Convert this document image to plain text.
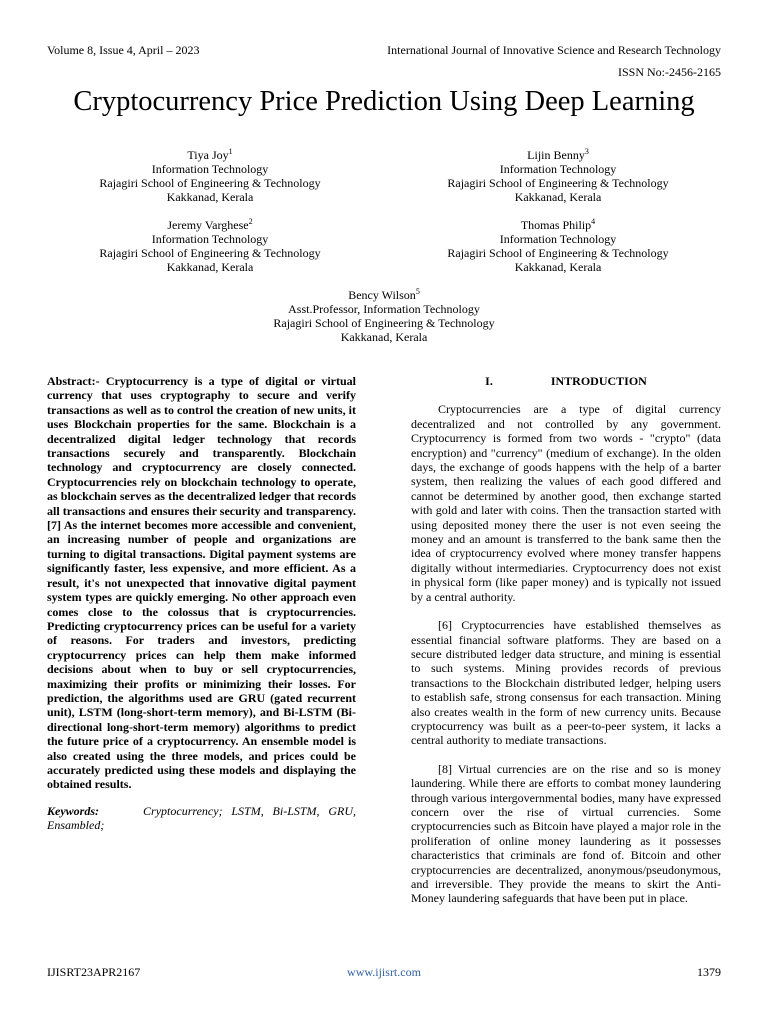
Volume 8, Issue 4, April – 2023	International Journal of Innovative Science and Research Technology
ISSN No:-2456-2165
Cryptocurrency Price Prediction Using Deep Learning
Tiya Joy$^1$
Information Technology
Rajagiri School of Engineering & Technology
Kakkanad, Kerala
Lijin Benny$^3$
Information Technology
Rajagiri School of Engineering & Technology
Kakkanad, Kerala
Jeremy Varghese$^2$
Information Technology
Rajagiri School of Engineering & Technology
Kakkanad, Kerala
Thomas Philip$^4$
Information Technology
Rajagiri School of Engineering & Technology
Kakkanad, Kerala
Bency Wilson$^5$
Asst.Professor, Information Technology
Rajagiri School of Engineering & Technology
Kakkanad, Kerala
Abstract:- Cryptocurrency is a type of digital or virtual currency that uses cryptography to secure and verify transactions as well as to control the creation of new units, it uses Blockchain properties for the same. Blockchain is a decentralized digital ledger technology that records transactions securely and transparently. Blockchain technology and cryptocurrency are closely connected. Cryptocurrencies rely on blockchain technology to operate, as blockchain serves as the decentralized ledger that records all transactions and ensures their security and transparency. [7] As the internet becomes more accessible and convenient, an increasing number of people and organizations are turning to digital transactions. Digital payment systems are significantly faster, less expensive, and more efficient. As a result, it's not unexpected that innovative digital payment system types are quickly emerging. No other approach even comes close to the colossus that is cryptocurrencies. Predicting cryptocurrency prices can be useful for a variety of reasons. For traders and investors, predicting cryptocurrency prices can help them make informed decisions about when to buy or sell cryptocurrencies, maximizing their profits or minimizing their losses. For prediction, the algorithms used are GRU (gated recurrent unit), LSTM (long-short-term memory), and Bi-LSTM (Bi-directional long-short-term memory) algorithms to predict the future price of a cryptocurrency. An ensemble model is also created using the three models, and prices could be accurately predicted using these models and displaying the obtained results.
Keywords:	Cryptocurrency; LSTM, Bi-LSTM, GRU, Ensambled;
I.	INTRODUCTION

Cryptocurrencies are a type of digital currency decentralized and not controlled by any government. Cryptocurrency is formed from two words - "crypto" (data encryption) and "currency" (medium of exchange). In the olden days, the exchange of goods happens with the help of a barter system, then realizing the values of each good differed and cannot be determined by another good, then exchange started with gold and later with coins. Then the transaction started with using deposited money there the user is not even seeing the money and an amount is transferred to the bank same then the idea of cryptocurrency evolved where money transfer happens digitally without intermediaries. Cryptocurrency does not exist in physical form (like paper money) and is typically not issued by a central authority.

[6] Cryptocurrencies have established themselves as essential financial software platforms. They are based on a secure distributed ledger data structure, and mining is essential to such systems. Mining provides records of previous transactions to the Blockchain distributed ledger, helping users to establish safe, strong consensus for each transaction. Mining also creates wealth in the form of new currency units. Because cryptocurrency was built as a peer-to-peer system, it lacks a central authority to mediate transactions.

[8] Virtual currencies are on the rise and so is money laundering. While there are efforts to combat money laundering through various intergovernmental bodies, many have expressed concern over the rise of virtual currencies. Some cryptocurrencies such as Bitcoin have played a major role in the proliferation of online money laundering as it possesses characteristics that criminals are fond of. Bitcoin and other cryptocurrencies are decentralized, anonymous/pseudonymous, and irreversible. They provide the means to skirt the Anti-Money laundering safeguards that have been put in place.

IJISRT23APR2167	www.ijisrt.com	1379
